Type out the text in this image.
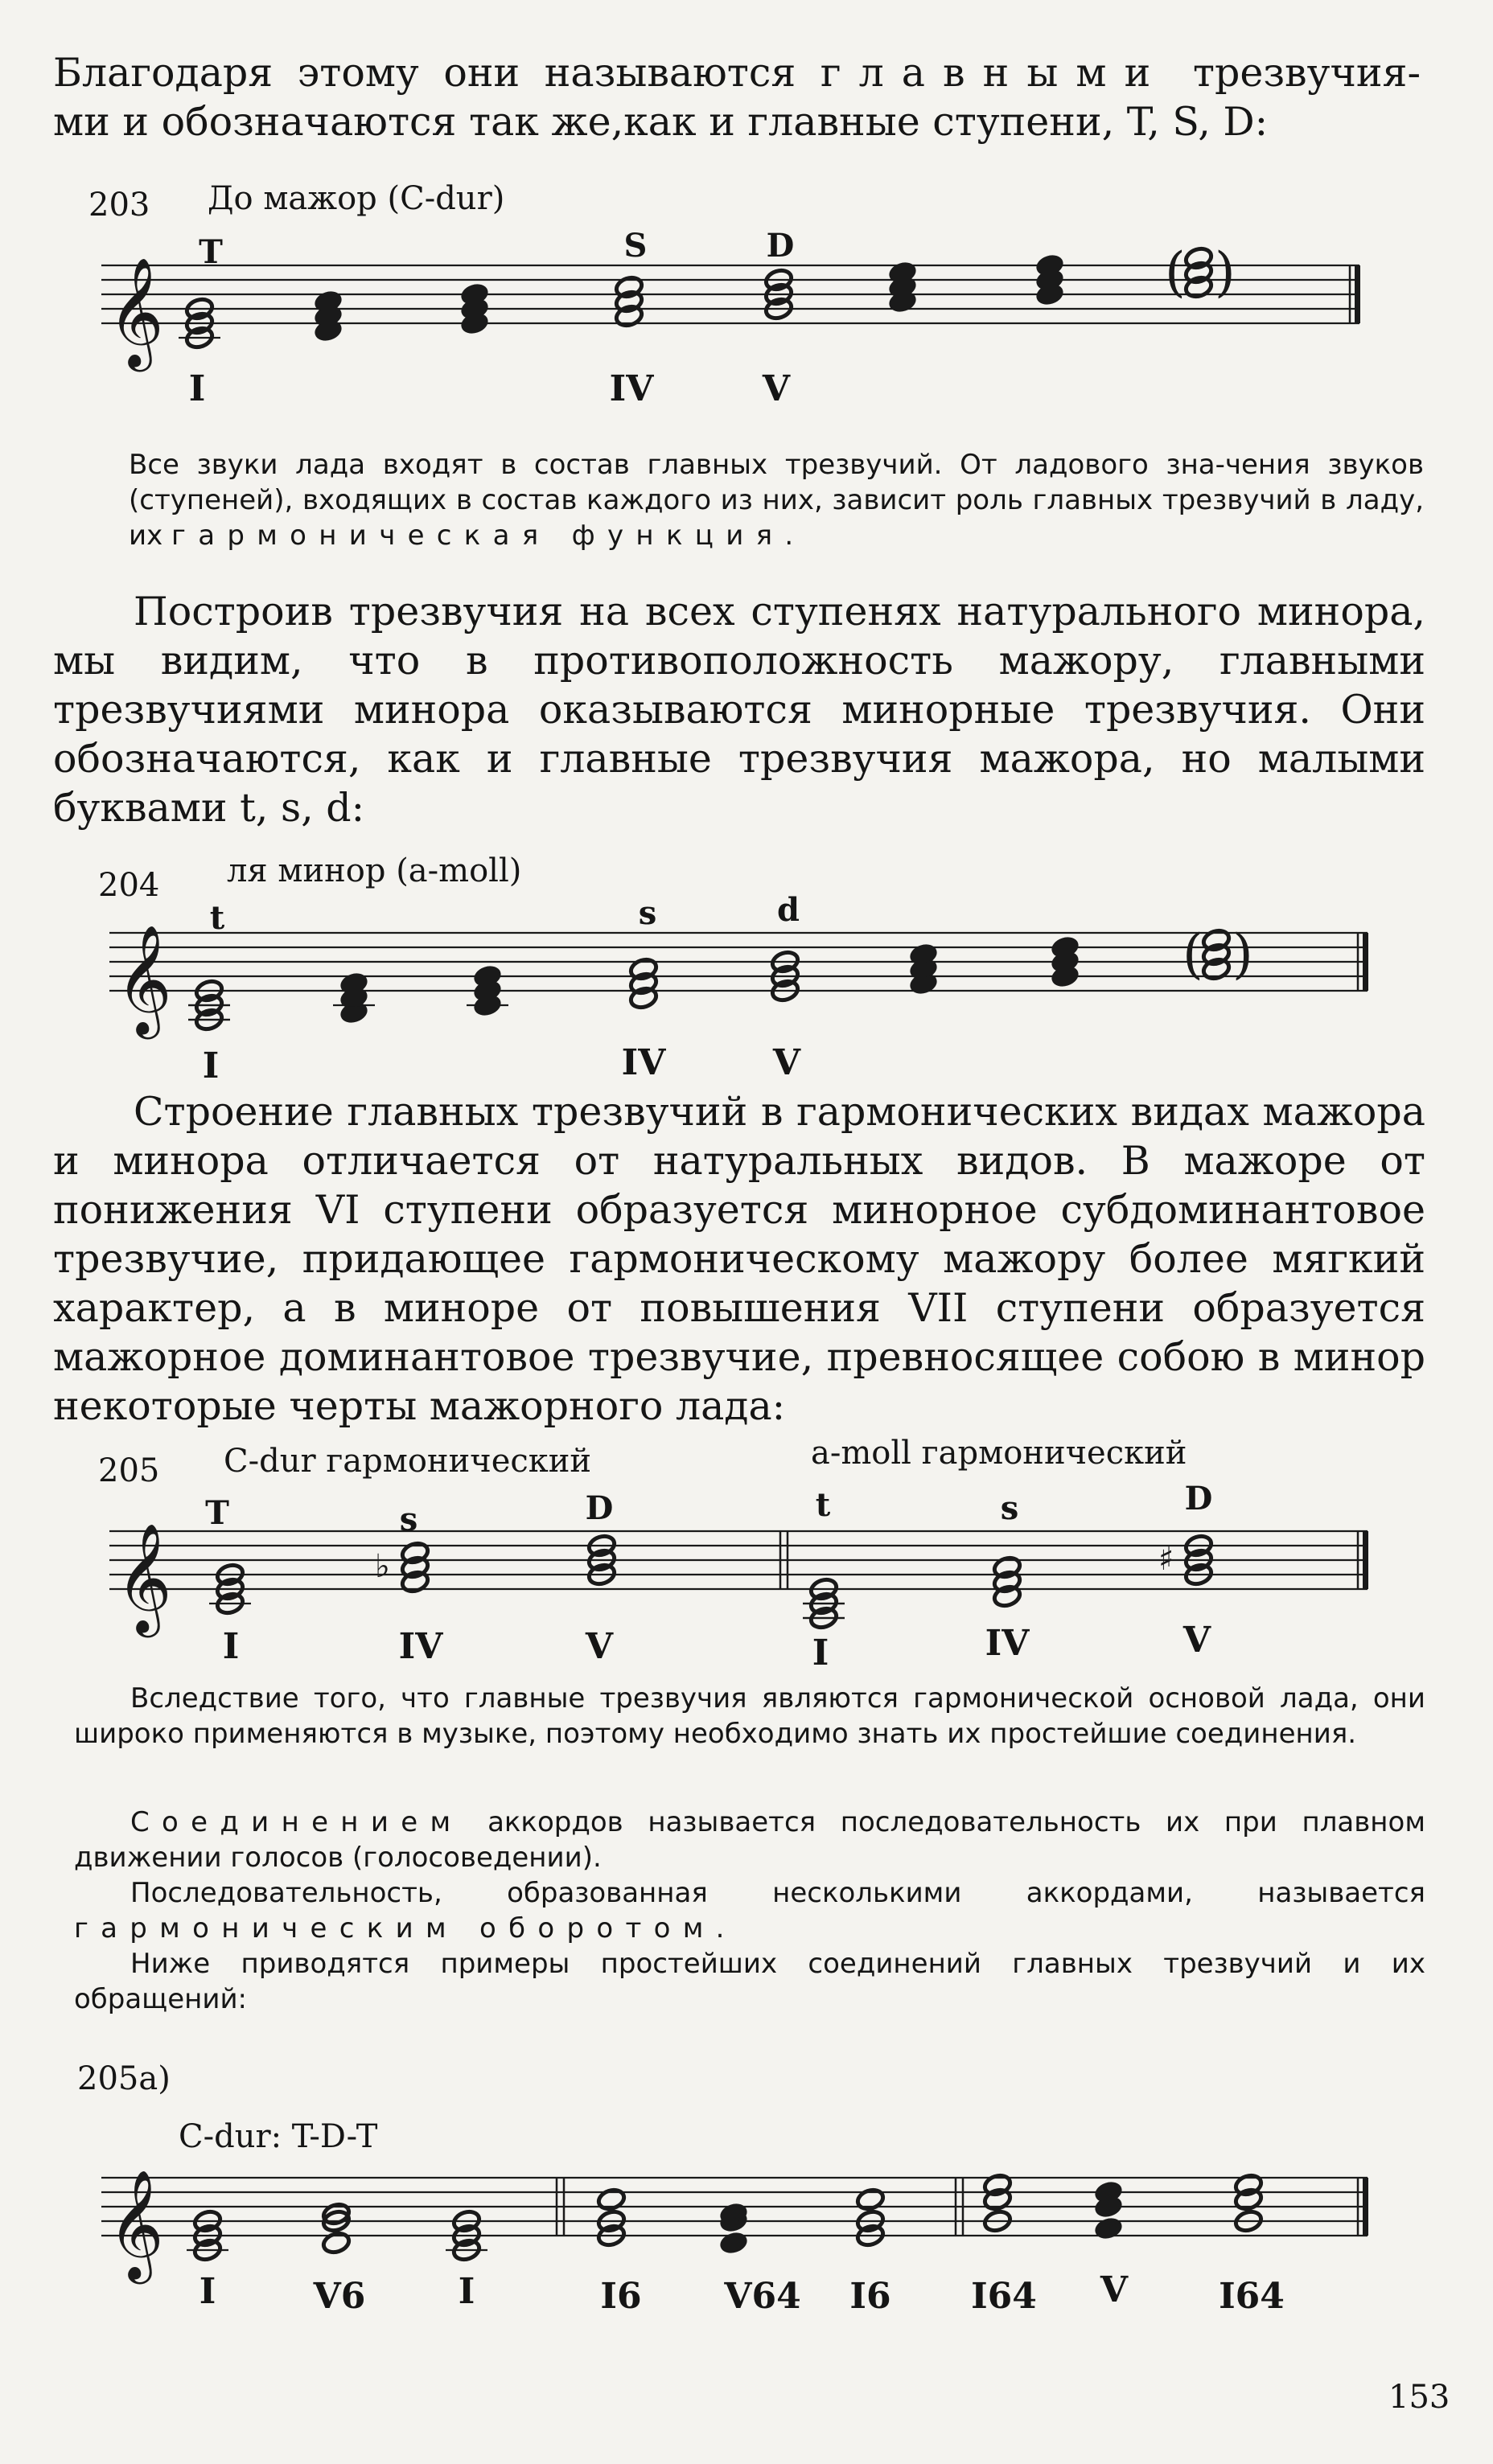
Благодаря этому они называются главными трезвучия-

ми и обозначаются так же,как и главные ступени, T, S, D:

203 До мажор (C-dur)
𝄞	( )
𝄞	( )
𝄞	♭	♯
𝄞
T	S	D
I	IV	V

Все звуки лада входят в состав главных трезвучий. От ладового зна-чения звуков (ступеней), входящих в состав каждого из них, зависит роль главных трезвучий в ладу, их гармоническая функция.

Построив трезвучия на всех ступенях натурального минора, мы видим, что в противоположность мажору, главными трезвучиями минора оказываются минорные трезвучия. Они обозначаются, как и главные трезвучия мажора, но малыми буквами t, s, d:

204 ля минор (a-moll)
t	s	d
I	IV	V

Строение главных трезвучий в гармонических видах мажора и минора отличается от натуральных видов. В мажоре от понижения VI ступени образуется минорное субдоминантовое трезвучие, придающее гармоническому мажору более мягкий характер, а в миноре от повышения VII ступени образуется мажорное доминантовое трезвучие, превносящее собою в минор некоторые черты мажорного лада:

205 C-dur гармонический	a-moll гармонический
T	s	D	t	s	D
I	IV	V	I	IV	V

Вследствие того, что главные трезвучия являются гармонической основой лада, они широко применяются в музыке, поэтому необходимо знать их простейшие соединения.

Соединением аккордов называется последовательность их при плавном движении голосов (голосоведении).

Последовательность, образованная несколькими аккордами, называется гармоническим оборотом.

Ниже приводятся примеры простейших соединений главных трезвучий и их обращений:

205а)
C-dur: T-D-T
I	V6	I	I6	V64	I6	I64	V	I64
153
